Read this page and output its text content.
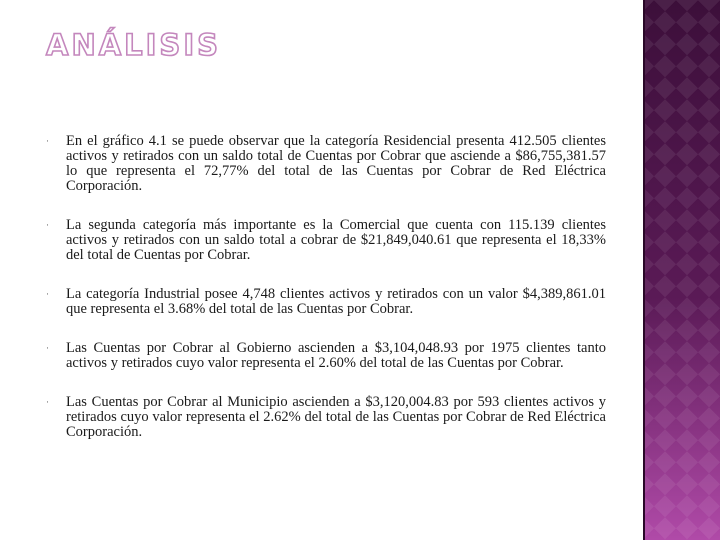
ANÁLISIS
· En el gráfico 4.1 se puede observar que la categoría Residencial presenta 412.505 clientes activos y retirados con un saldo total de Cuentas por Cobrar que asciende a $86,755,381.57 lo que representa el 72,77% del total de las Cuentas por Cobrar de Red Eléctrica Corporación.
· La segunda categoría más importante es la Comercial que cuenta con 115.139 clientes activos y retirados con un saldo total a cobrar de $21,849,040.61 que representa el 18,33% del total de Cuentas por Cobrar.
· La categoría Industrial posee 4,748 clientes activos y retirados con un valor $4,389,861.01 que representa el 3.68% del total de las Cuentas por Cobrar.
· Las Cuentas por Cobrar al Gobierno ascienden a $3,104,048.93 por 1975 clientes tanto activos y retirados cuyo valor representa el 2.60% del total de las Cuentas por Cobrar.
· Las Cuentas por Cobrar al Municipio ascienden a $3,120,004.83 por 593 clientes activos y retirados cuyo valor representa el 2.62% del total de las Cuentas por Cobrar de Red Eléctrica Corporación.
